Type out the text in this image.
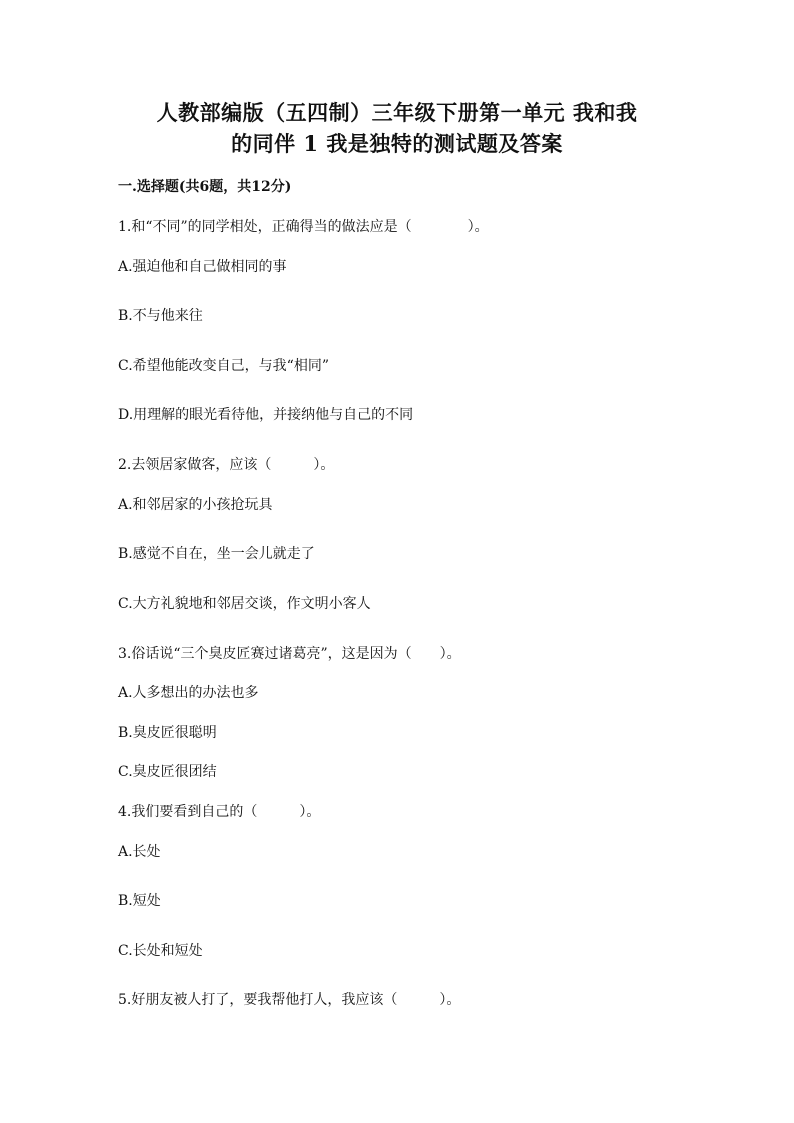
人教部编版（五四制）三年级下册第一单元 我和我
的同伴 1 我是独特的测试题及答案
一.选择题(共6题，共12分)
1.和“不同”的同学相处，正确得当的做法应是（　　　　）。
A.强迫他和自己做相同的事
B.不与他来往
C.希望他能改变自己，与我“相同”
D.用理解的眼光看待他，并接纳他与自己的不同
2.去领居家做客，应该（　　　）。
A.和邻居家的小孩抢玩具
B.感觉不自在，坐一会儿就走了
C.大方礼貌地和邻居交谈，作文明小客人
3.俗话说“三个臭皮匠赛过诸葛亮”，这是因为（　　）。
A.人多想出的办法也多
B.臭皮匠很聪明
C.臭皮匠很团结
4.我们要看到自己的（　　　）。
A.长处
B.短处
C.长处和短处
5.好朋友被人打了，要我帮他打人，我应该（　　　）。
